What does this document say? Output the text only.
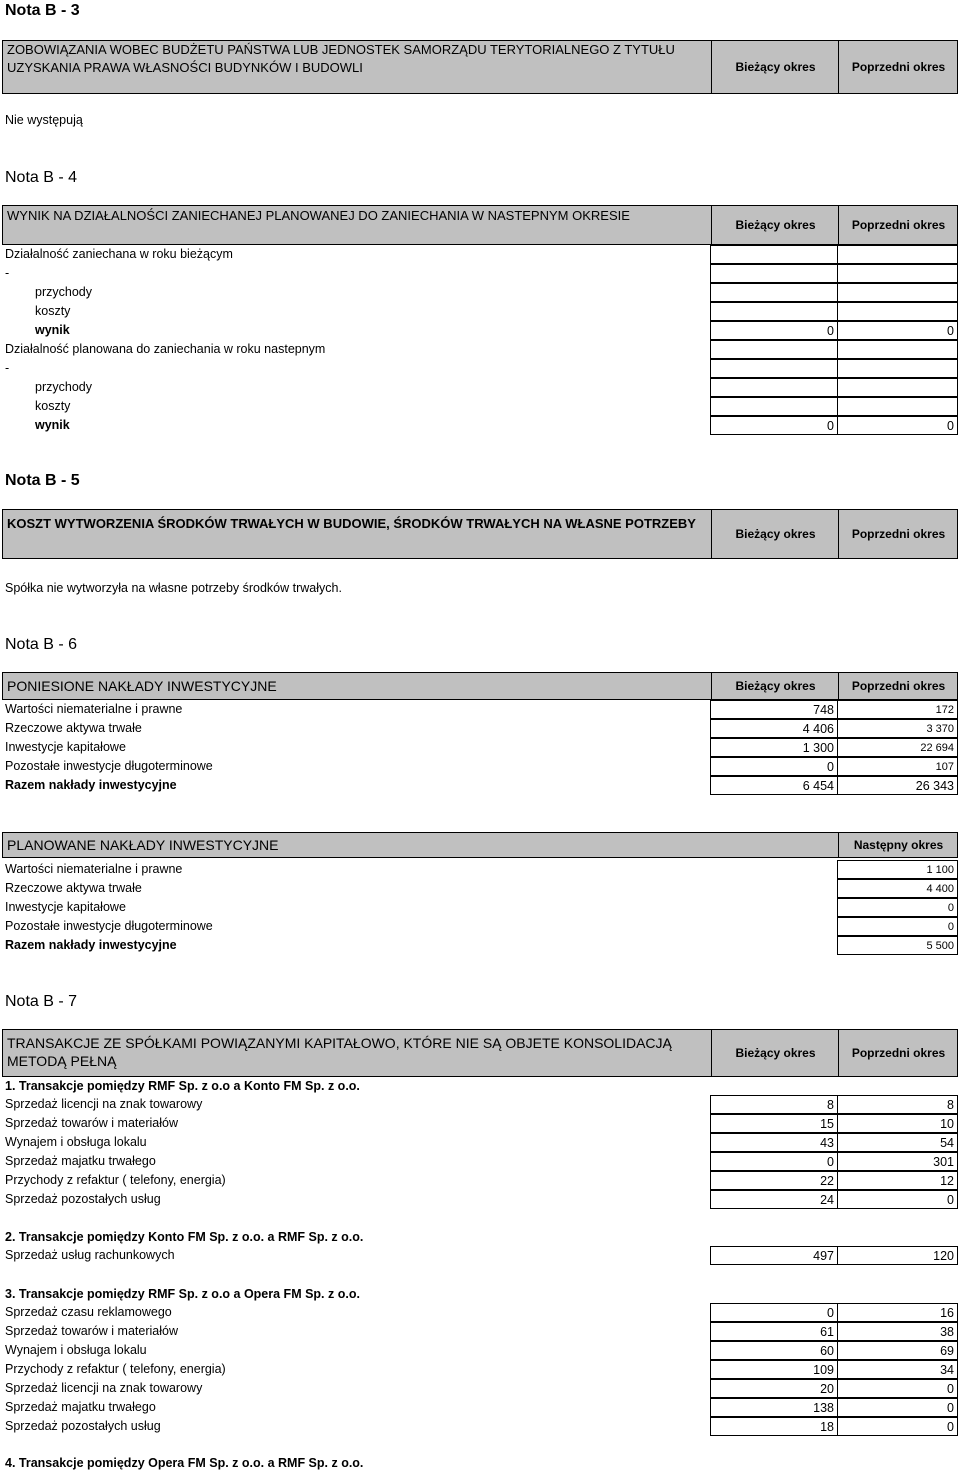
Nota B - 3
ZOBOWIĄZANIA WOBEC BUDŻETU PAŃSTWA LUB JEDNOSTEK SAMORZĄDU TERYTORIALNEGO Z TYTUŁU UZYSKANIA PRAWA WŁASNOŚCI BUDYNKÓW I BUDOWLI	Bieżący okres	Poprzedni okres
Nie występują
Nota B - 4
WYNIK NA DZIAŁALNOŚCI ZANIECHANEJ PLANOWANEJ DO ZANIECHANIA W NASTEPNYM OKRESIE
Bieżący okres	Poprzedni okres
Działalność zaniechana w roku bieżącym
-
przychody
koszty
wynik	0	0
Działalność planowana do zaniechania w roku nastepnym
-
przychody
koszty
wynik	0	0
Nota B - 5
KOSZT WYTWORZENIA ŚRODKÓW TRWAŁYCH W BUDOWIE, ŚRODKÓW TRWAŁYCH NA WŁASNE POTRZEBY
Bieżący okres	Poprzedni okres
Spółka nie wytworzyła na własne potrzeby środków trwałych.
Nota B - 6
PONIESIONE NAKŁADY INWESTYCYJNE	Bieżący okres	Poprzedni okres
Wartości niematerialne i prawne	748	172
Rzeczowe aktywa trwałe	4 406	3 370
Inwestycje kapitałowe	1 300	22 694
Pozostałe inwestycje długoterminowe	0	107
Razem nakłady inwestycyjne	6 454	26 343
PLANOWANE NAKŁADY INWESTYCYJNE	Następny okres
Wartości niematerialne i prawne	1 100
Rzeczowe aktywa trwałe	4 400
Inwestycje kapitałowe	0
Pozostałe inwestycje długoterminowe	0
Razem nakłady inwestycyjne	5 500
Nota B - 7
TRANSAKCJE ZE SPÓŁKAMI POWIĄZANYMI KAPITAŁOWO, KTÓRE NIE SĄ OBJETE KONSOLIDACJĄ METODĄ PEŁNĄ	Bieżący okres	Poprzedni okres
1. Transakcje pomiędzy RMF Sp. z o.o a Konto FM Sp. z o.o.
Sprzedaż licencji na znak towarowy	8	8
Sprzedaż towarów i materiałów	15	10
Wynajem i obsługa lokalu	43	54
Sprzedaż majatku trwałego	0	301
Przychody z refaktur ( telefony, energia)	22	12
Sprzedaż pozostałych usług	24	0
2. Transakcje pomiędzy Konto FM Sp. z o.o. a RMF Sp. z o.o.
Sprzedaż usług rachunkowych	497	120
3. Transakcje pomiędzy RMF Sp. z o.o a Opera FM Sp. z o.o.
Sprzedaż czasu reklamowego	0	16
Sprzedaż towarów i materiałów	61	38
Wynajem i obsługa lokalu	60	69
Przychody z refaktur ( telefony, energia)	109	34
Sprzedaż licencji na znak towarowy	20	0
Sprzedaż majatku trwałego	138	0
Sprzedaż pozostałych usług	18	0
4. Transakcje pomiędzy Opera FM Sp. z o.o. a RMF Sp. z o.o.
